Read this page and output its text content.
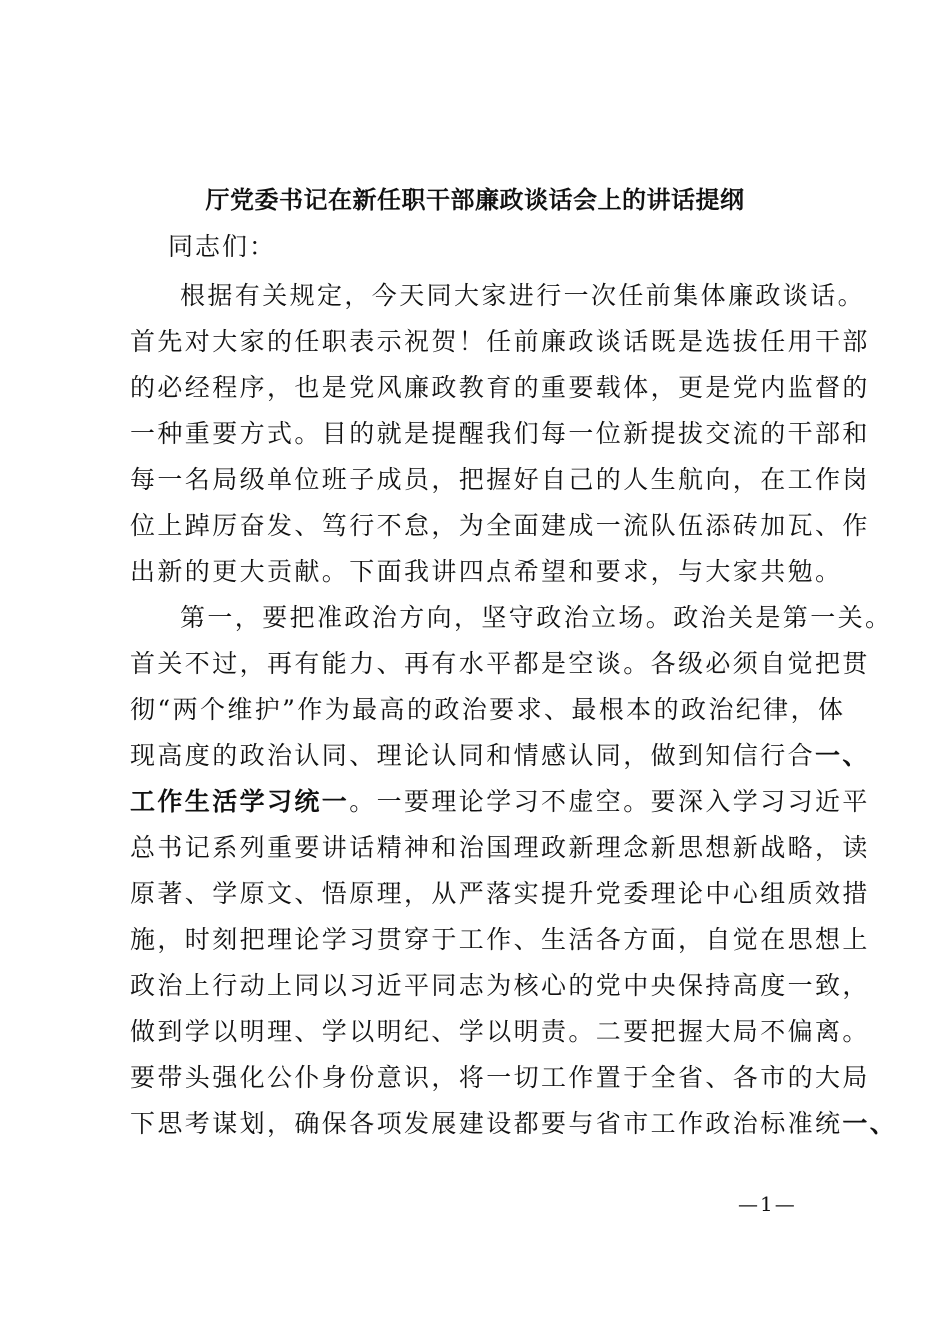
厅党委书记在新任职干部廉政谈话会上的讲话提纲
同志们：
根据有关规定，今天同大家进行一次任前集体廉政谈话。
首先对大家的任职表示祝贺！任前廉政谈话既是选拔任用干部
的必经程序，也是党风廉政教育的重要载体，更是党内监督的
一种重要方式。目的就是提醒我们每一位新提拔交流的干部和
每一名局级单位班子成员，把握好自己的人生航向，在工作岗
位上踔厉奋发、笃行不怠，为全面建成一流队伍添砖加瓦、作
出新的更大贡献。下面我讲四点希望和要求，与大家共勉。
第一，要把准政治方向，坚守政治立场。政治关是第一关。
首关不过，再有能力、再有水平都是空谈。各级必须自觉把贯
彻“两个维护”作为最高的政治要求、最根本的政治纪律，体
现高度的政治认同、理论认同和情感认同，做到知信行合一、
工作生活学习统一。一要理论学习不虚空。要深入学习习近平
总书记系列重要讲话精神和治国理政新理念新思想新战略，读
原著、学原文、悟原理，从严落实提升党委理论中心组质效措
施，时刻把理论学习贯穿于工作、生活各方面，自觉在思想上
政治上行动上同以习近平同志为核心的党中央保持高度一致，
做到学以明理、学以明纪、学以明责。二要把握大局不偏离。
要带头强化公仆身份意识，将一切工作置于全省、各市的大局
下思考谋划，确保各项发展建设都要与省市工作政治标准统一、
—1—
